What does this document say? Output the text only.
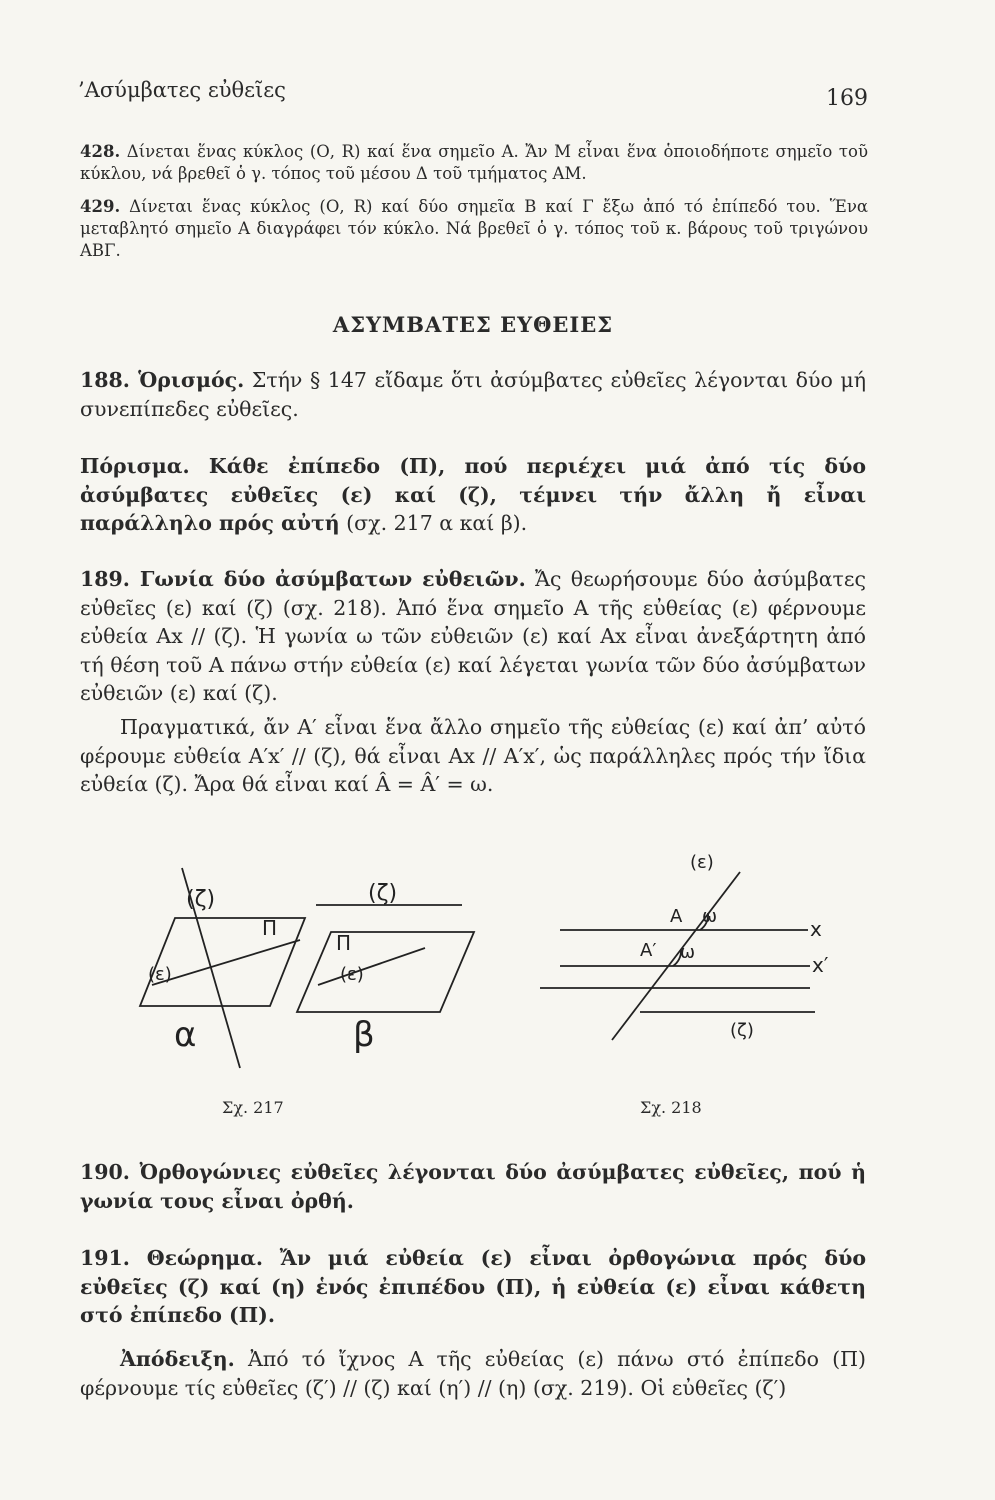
’Ασύμβατες εὐθεῖες	169
428. Δίνεται ἕνας κύκλος (Ο, R) καί ἕνα σημεῖο Α. Ἄν Μ εἶναι ἕνα ὁποιοδήποτε σημεῖο τοῦ κύκλου, νά βρεθεῖ ὁ γ. τόπος τοῦ μέσου Δ τοῦ τμήματος ΑΜ.
429. Δίνεται ἕνας κύκλος (Ο, R) καί δύο σημεῖα Β καί Γ ἔξω ἀπό τό ἐπίπεδό του. Ἕνα μεταβλητό σημεῖο Α διαγράφει τόν κύκλο. Νά βρεθεῖ ὁ γ. τόπος τοῦ κ. βάρους τοῦ τριγώνου ΑΒΓ.
ΑΣΥΜΒΑΤΕΣ ΕΥΘΕΙΕΣ
188. Ὁρισμός. Στήν § 147 εἴδαμε ὅτι ἀσύμβατες εὐθεῖες λέγονται δύο μή συνεπίπεδες εὐθεῖες.
Πόρισμα. Κάθε ἐπίπεδο (Π), πού περιέχει μιά ἀπό τίς δύο ἀσύμβατες εὐθεῖες (ε) καί (ζ), τέμνει τήν ἄλλη ἤ εἶναι παράλληλο πρός αὐτή (σχ. 217 α καί β).
189. Γωνία δύο ἀσύμβατων εὐθειῶν. Ἄς θεωρήσουμε δύο ἀσύμβατες εὐθεῖες (ε) καί (ζ) (σχ. 218). Ἀπό ἕνα σημεῖο Α τῆς εὐθείας (ε) φέρνουμε εὐθεία Αx // (ζ). Ἡ γωνία ω τῶν εὐθειῶν (ε) καί Αx εἶναι ἀνεξάρτητη ἀπό τή θέση τοῦ Α πάνω στήν εὐθεία (ε) καί λέγεται γωνία τῶν δύο ἀσύμβατων εὐθειῶν (ε) καί (ζ).
Πραγματικά, ἄν Α′ εἶναι ἕνα ἄλλο σημεῖο τῆς εὐθείας (ε) καί ἀπ’ αὐτό φέρουμε εὐθεία Α′x′ // (ζ), θά εἶναι Αx // Α′x′, ὡς παράλληλες πρός τήν ἴδια εὐθεία (ζ). Ἄρα θά εἶναι καί Â = Â′ = ω.
(ζ)
Π
(ε)
α
(ζ)
Π
(ε)
β
(ε)
Α ω
x
Α′ ω
x′
(ζ)
Σχ. 217	Σχ. 218
190. Ὀρθογώνιες εὐθεῖες λέγονται δύο ἀσύμβατες εὐθεῖες, πού ἡ γωνία τους εἶναι ὀρθή.
191. Θεώρημα. Ἄν μιά εὐθεία (ε) εἶναι ὀρθογώνια πρός δύο εὐθεῖες (ζ) καί (η) ἑνός ἐπιπέδου (Π), ἡ εὐθεία (ε) εἶναι κάθετη στό ἐπίπεδο (Π).
Ἀπόδειξη. Ἀπό τό ἴχνος Α τῆς εὐθείας (ε) πάνω στό ἐπίπεδο (Π) φέρνουμε τίς εὐθεῖες (ζ′) // (ζ) καί (η′) // (η) (σχ. 219). Οἱ εὐθεῖες (ζ′)
